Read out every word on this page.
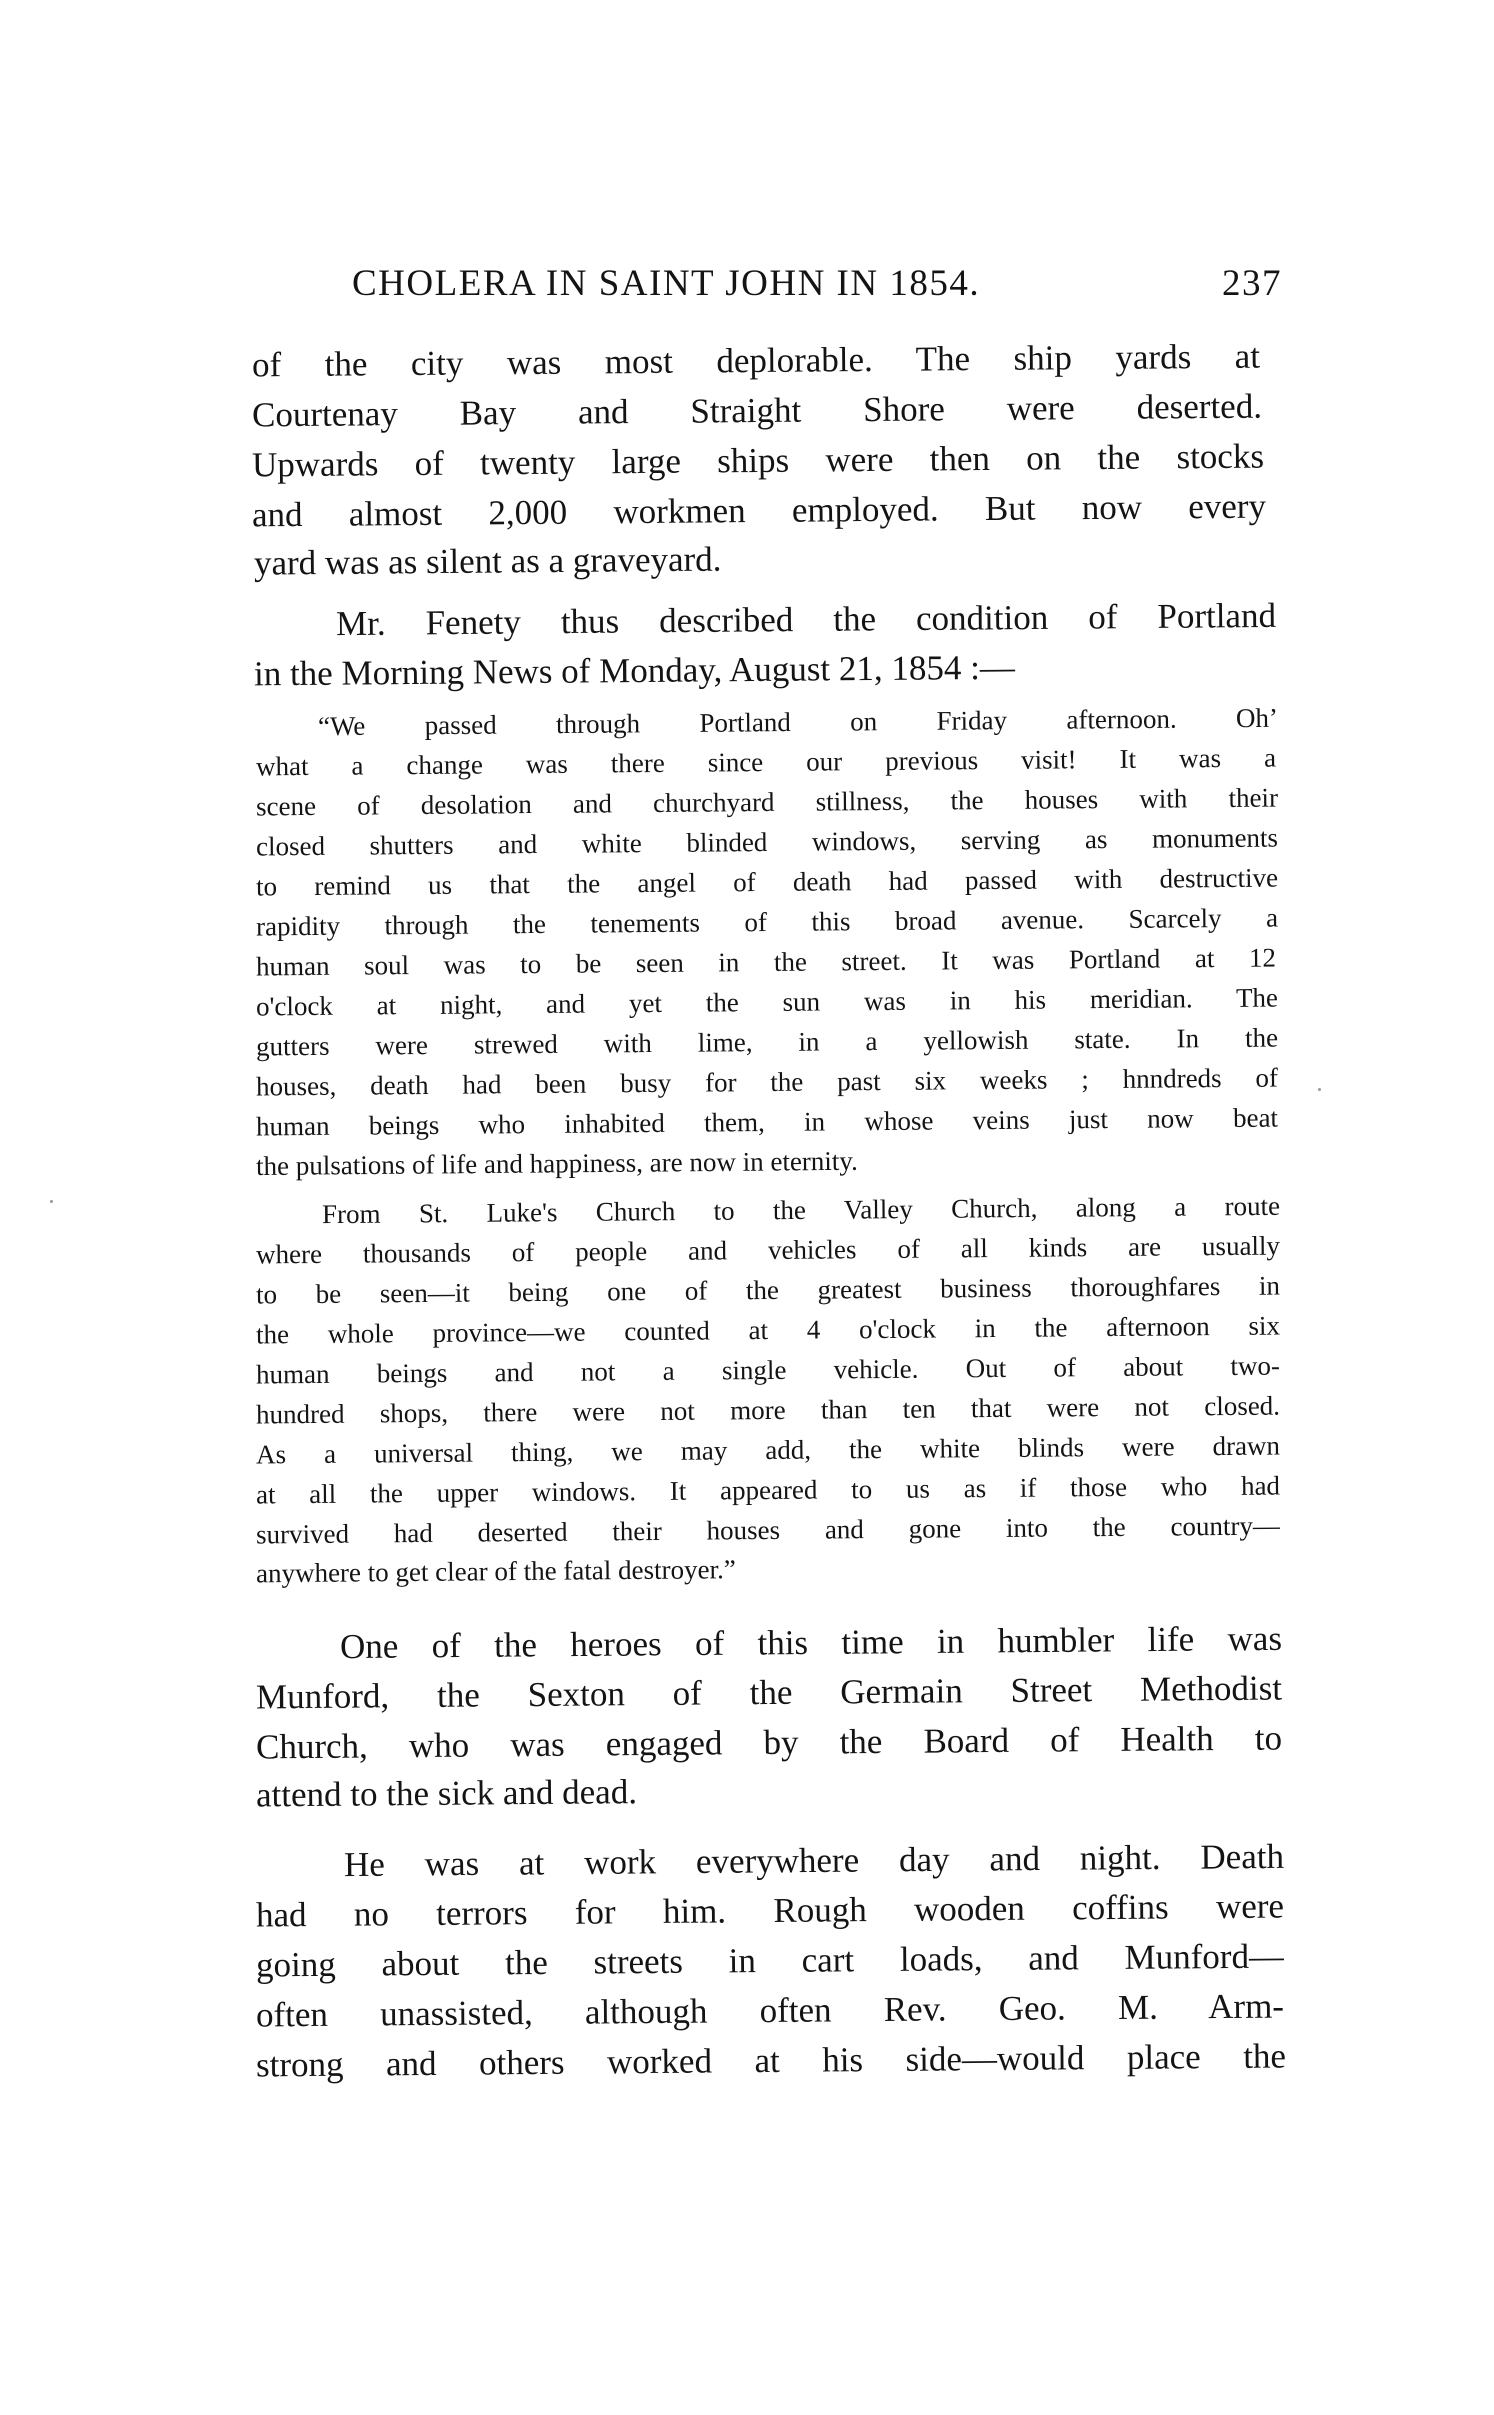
CHOLERA IN SAINT JOHN IN 1854.	237
of the city was most deplorable. The ship yards at
Courtenay Bay and Straight Shore were deserted.
Upwards of twenty large ships were then on the stocks
and almost 2,000 workmen employed. But now every
yard was as silent as a graveyard.
Mr. Fenety thus described the condition of Portland
in the Morning News of Monday, August 21, 1854 :—
“We passed through Portland on Friday afternoon. Oh’
what a change was there since our previous visit! It was a
scene of desolation and churchyard stillness, the houses with their
closed shutters and white blinded windows, serving as monuments
to remind us that the angel of death had passed with destructive
rapidity through the tenements of this broad avenue. Scarcely a
human soul was to be seen in the street. It was Portland at 12
o'clock at night, and yet the sun was in his meridian. The
gutters were strewed with lime, in a yellowish state. In the
houses, death had been busy for the past six weeks ; hnndreds of
human beings who inhabited them, in whose veins just now beat
the pulsations of life and happiness, are now in eternity.
From St. Luke's Church to the Valley Church, along a route
where thousands of people and vehicles of all kinds are usually
to be seen—it being one of the greatest business thoroughfares in
the whole province—we counted at 4 o'clock in the afternoon six
human beings and not a single vehicle. Out of about two-
hundred shops, there were not more than ten that were not closed.
As a universal thing, we may add, the white blinds were drawn
at all the upper windows. It appeared to us as if those who had
survived had deserted their houses and gone into the country—
anywhere to get clear of the fatal destroyer.”
One of the heroes of this time in humbler life was
Munford, the Sexton of the Germain Street Methodist
Church, who was engaged by the Board of Health to
attend to the sick and dead.
He was at work everywhere day and night. Death
had no terrors for him. Rough wooden coffins were
going about the streets in cart loads, and Munford—
often unassisted, although often Rev. Geo. M. Arm-
strong and others worked at his side—would place the
